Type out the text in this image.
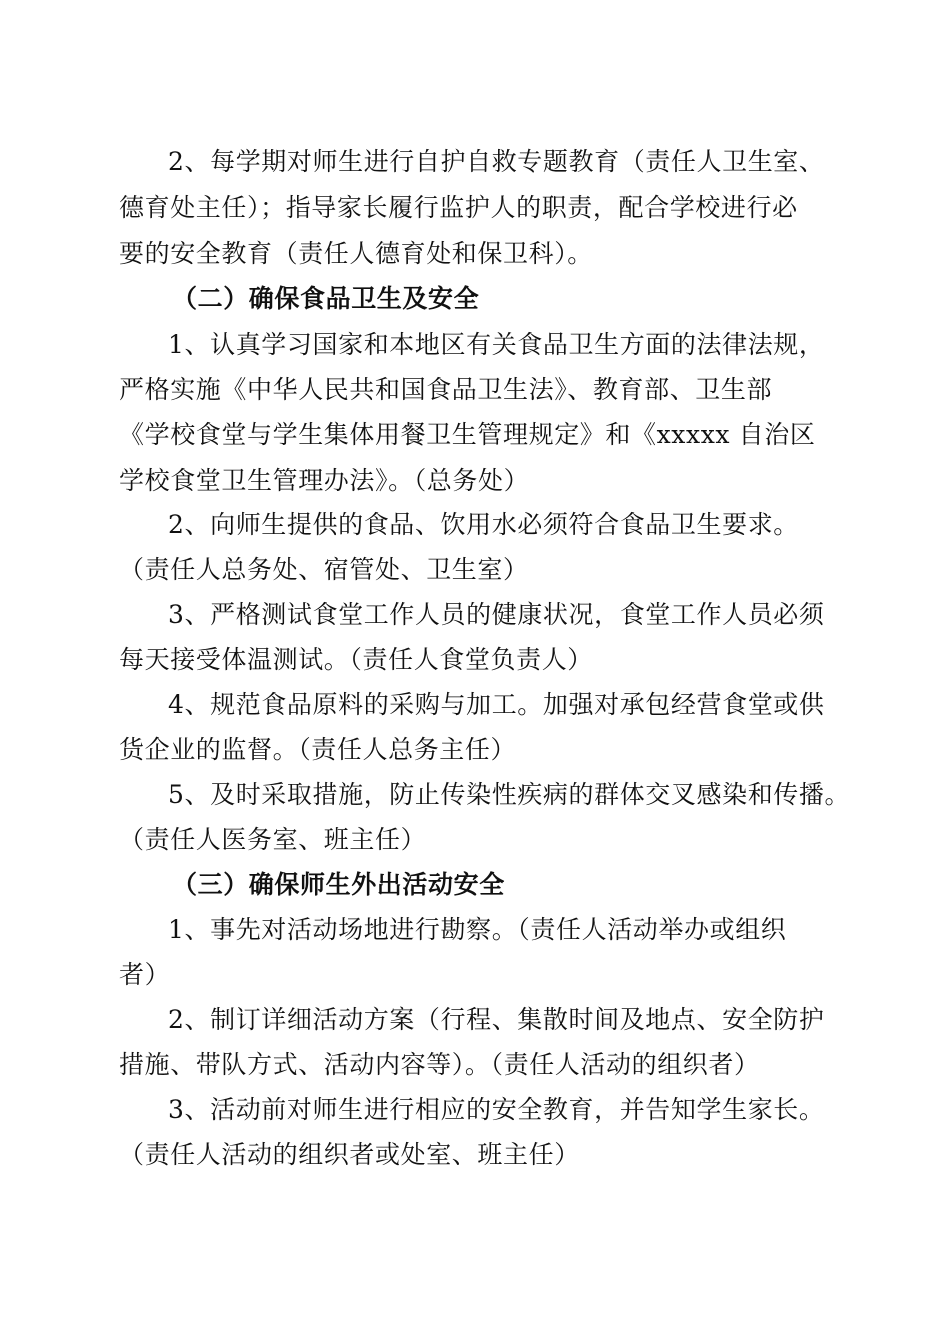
2、每学期对师生进行自护自救专题教育（责任人卫生室、
德育处主任）；指导家长履行监护人的职责，配合学校进行必
要的安全教育（责任人德育处和保卫科）。
（二）确保食品卫生及安全
1、认真学习国家和本地区有关食品卫生方面的法律法规，
严格实施《中华人民共和国食品卫生法》、教育部、卫生部
《学校食堂与学生集体用餐卫生管理规定》和《xxxxx 自治区
学校食堂卫生管理办法》。（总务处）
2、向师生提供的食品、饮用水必须符合食品卫生要求。
（责任人总务处、宿管处、卫生室）
3、严格测试食堂工作人员的健康状况，食堂工作人员必须
每天接受体温测试。（责任人食堂负责人）
4、规范食品原料的采购与加工。加强对承包经营食堂或供
货企业的监督。（责任人总务主任）
5、及时采取措施，防止传染性疾病的群体交叉感染和传播。
（责任人医务室、班主任）
（三）确保师生外出活动安全
1、事先对活动场地进行勘察。（责任人活动举办或组织
者）
2、制订详细活动方案（行程、集散时间及地点、安全防护
措施、带队方式、活动内容等）。（责任人活动的组织者）
3、活动前对师生进行相应的安全教育，并告知学生家长。
（责任人活动的组织者或处室、班主任）
